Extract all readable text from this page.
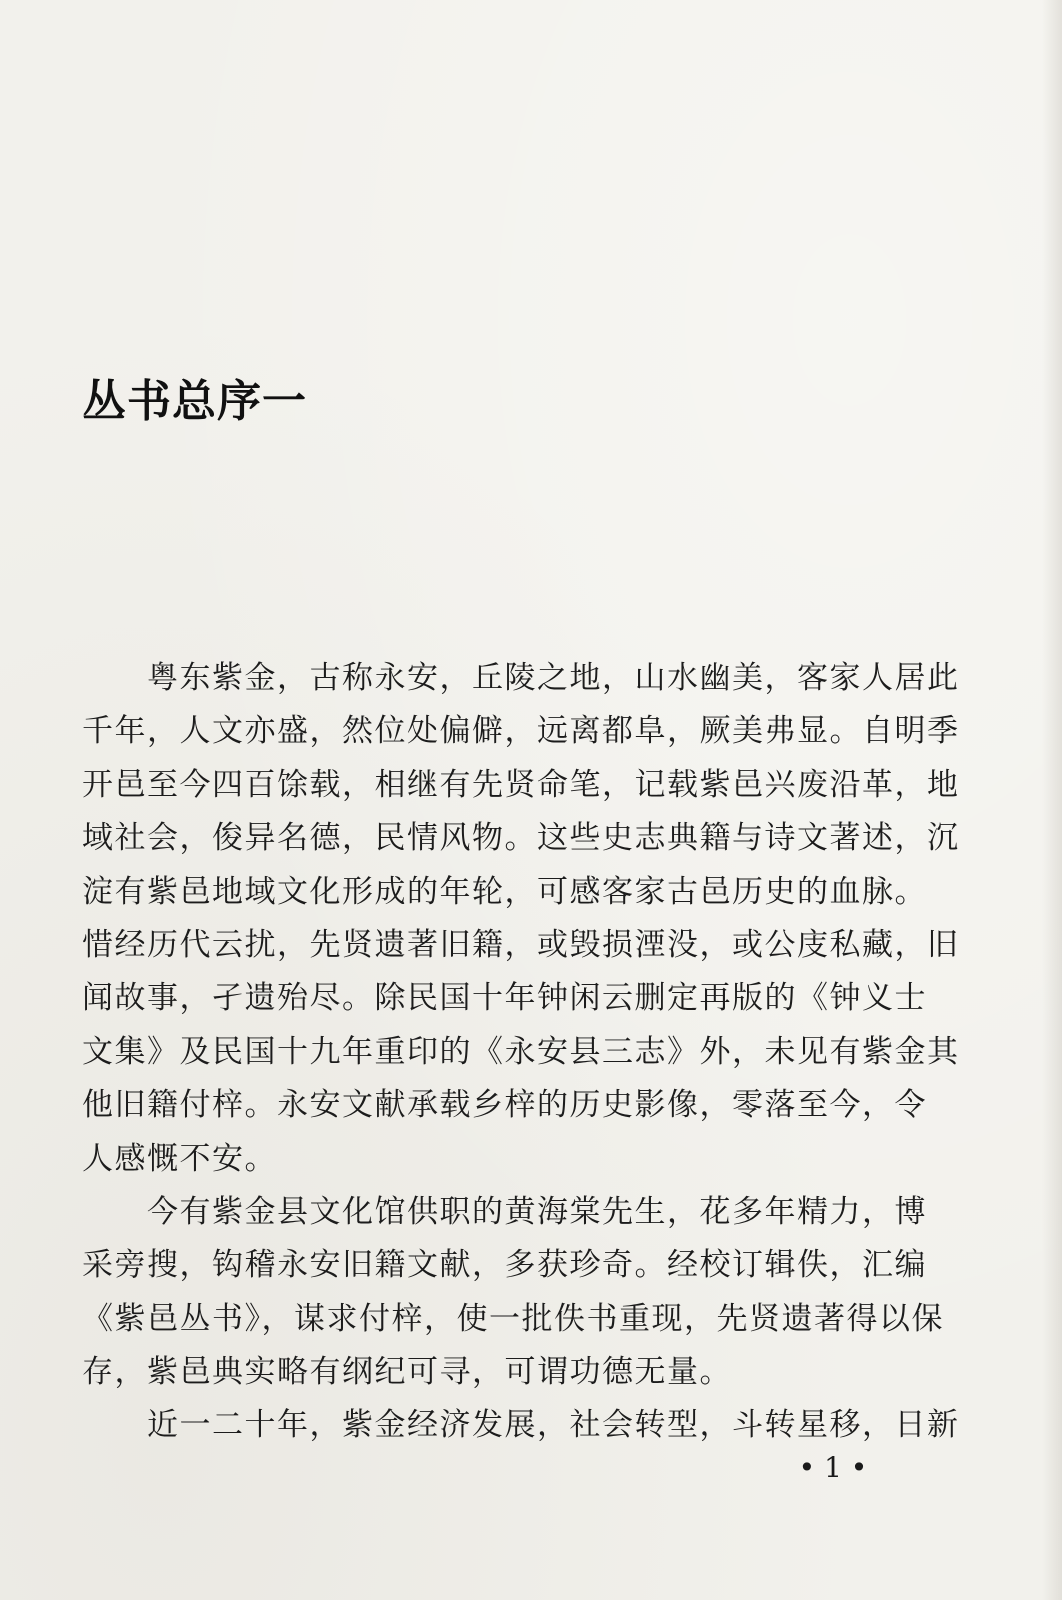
丛书总序一
　　粤东紫金，古称永安，丘陵之地，山水幽美，客家人居此
千年，人文亦盛，然位处偏僻，远离都阜，厥美弗显。自明季
开邑至今四百馀载，相继有先贤命笔，记载紫邑兴废沿革，地
域社会，俊异名德，民情风物。这些史志典籍与诗文著述，沉
淀有紫邑地域文化形成的年轮，可感客家古邑历史的血脉。
惜经历代云扰，先贤遗著旧籍，或毁损湮没，或公庋私藏，旧
闻故事，孑遗殆尽。除民国十年钟闲云删定再版的《钟义士
文集》及民国十九年重印的《永安县三志》外，未见有紫金其
他旧籍付梓。永安文献承载乡梓的历史影像，零落至今，令
人感慨不安。
　　今有紫金县文化馆供职的黄海棠先生，花多年精力，博
采旁搜，钩稽永安旧籍文献，多获珍奇。经校订辑佚，汇编
《紫邑丛书》，谋求付梓，使一批佚书重现，先贤遗著得以保
存，紫邑典实略有纲纪可寻，可谓功德无量。
　　近一二十年，紫金经济发展，社会转型，斗转星移，日新
• 1 •
